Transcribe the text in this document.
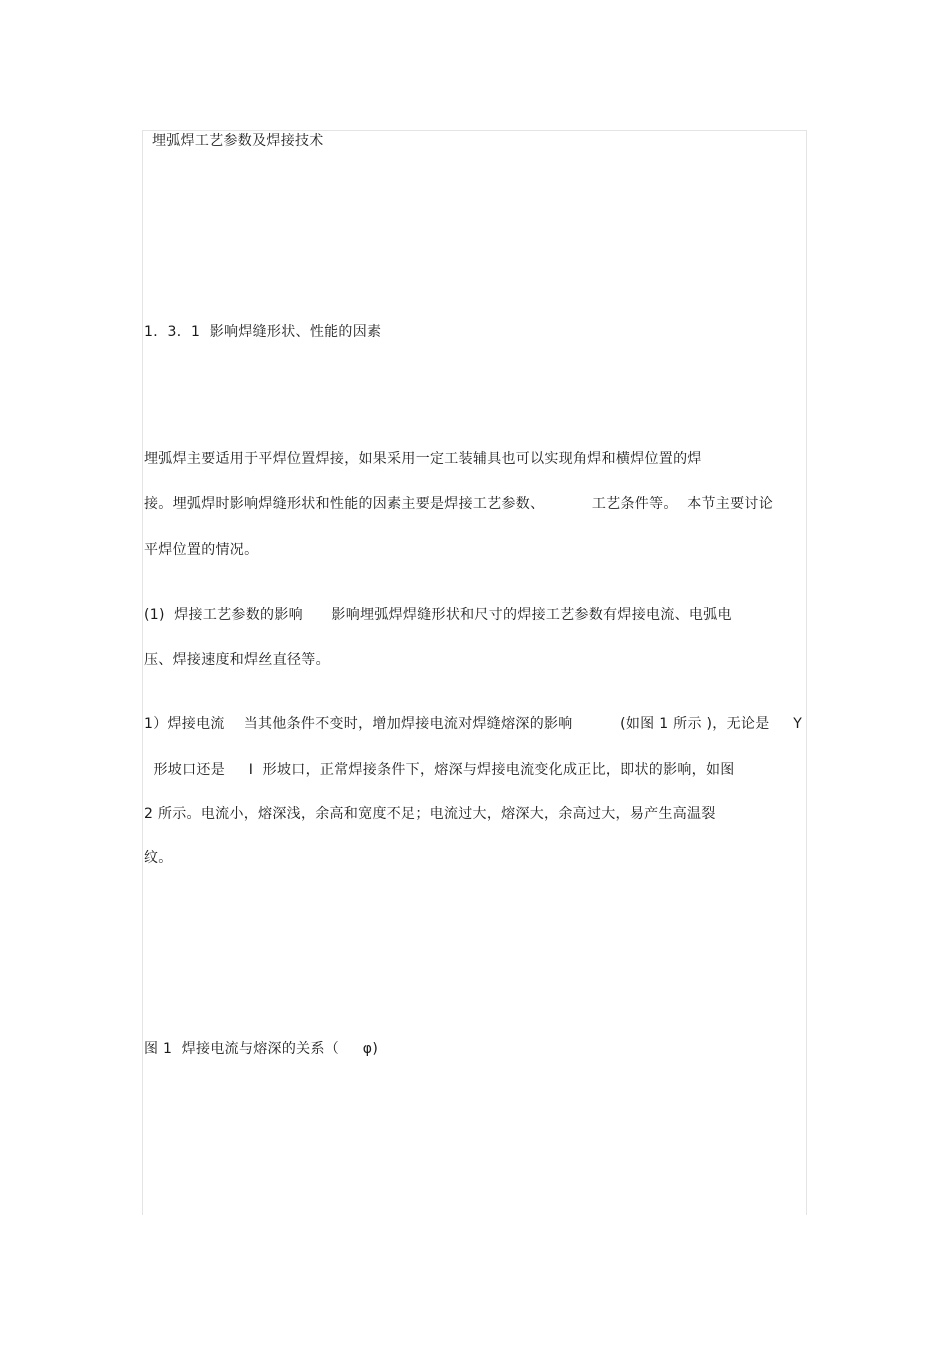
埋弧焊工艺参数及焊接技术
1．3．1  影响焊缝形状、性能的因素
埋弧焊主要适用于平焊位置焊接，如果采用一定工装辅具也可以实现角焊和横焊位置的焊
接。埋弧焊时影响焊缝形状和性能的因素主要是焊接工艺参数、          工艺条件等。  本节主要讨论
平焊位置的情况。
(1)  焊接工艺参数的影响      影响埋弧焊焊缝形状和尺寸的焊接工艺参数有焊接电流、电弧电
压、焊接速度和焊丝直径等。
1）焊接电流    当其他条件不变时，增加焊接电流对焊缝熔深的影响          (如图 1 所示 )，无论是     Y
形坡口还是     I  形坡口，正常焊接条件下，熔深与焊接电流变化成正比，即状的影响，如图
2 所示。电流小，熔深浅，余高和宽度不足；电流过大，熔深大，余高过大，易产生高温裂
纹。
图 1  焊接电流与熔深的关系（     φ)
